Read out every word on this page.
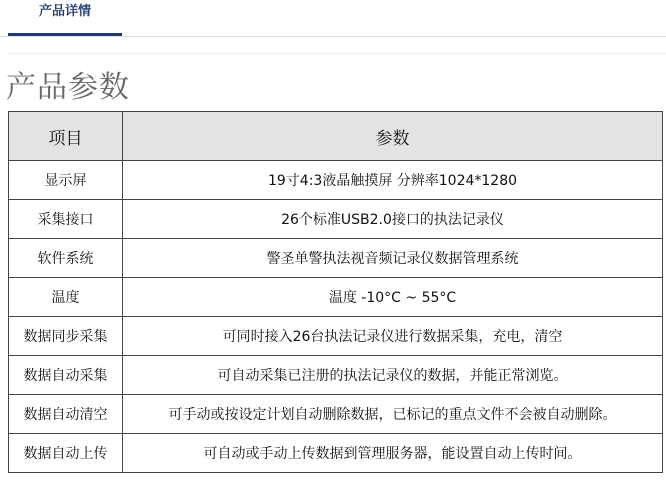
产品详情
产品参数
项目	参数
显示屏	19寸4:3液晶触摸屏 分辨率1024*1280
采集接口	26个标准USB2.0接口的执法记录仪
软件系统	警圣单警执法视音频记录仪数据管理系统
温度	温度 -10°C ~ 55°C
数据同步采集	可同时接入26台执法记录仪进行数据采集，充电，清空
数据自动采集	可自动采集已注册的执法记录仪的数据，并能正常浏览。
数据自动清空	可手动或按设定计划自动删除数据，已标记的重点文件不会被自动删除。
数据自动上传	可自动或手动上传数据到管理服务器，能设置自动上传时间。
